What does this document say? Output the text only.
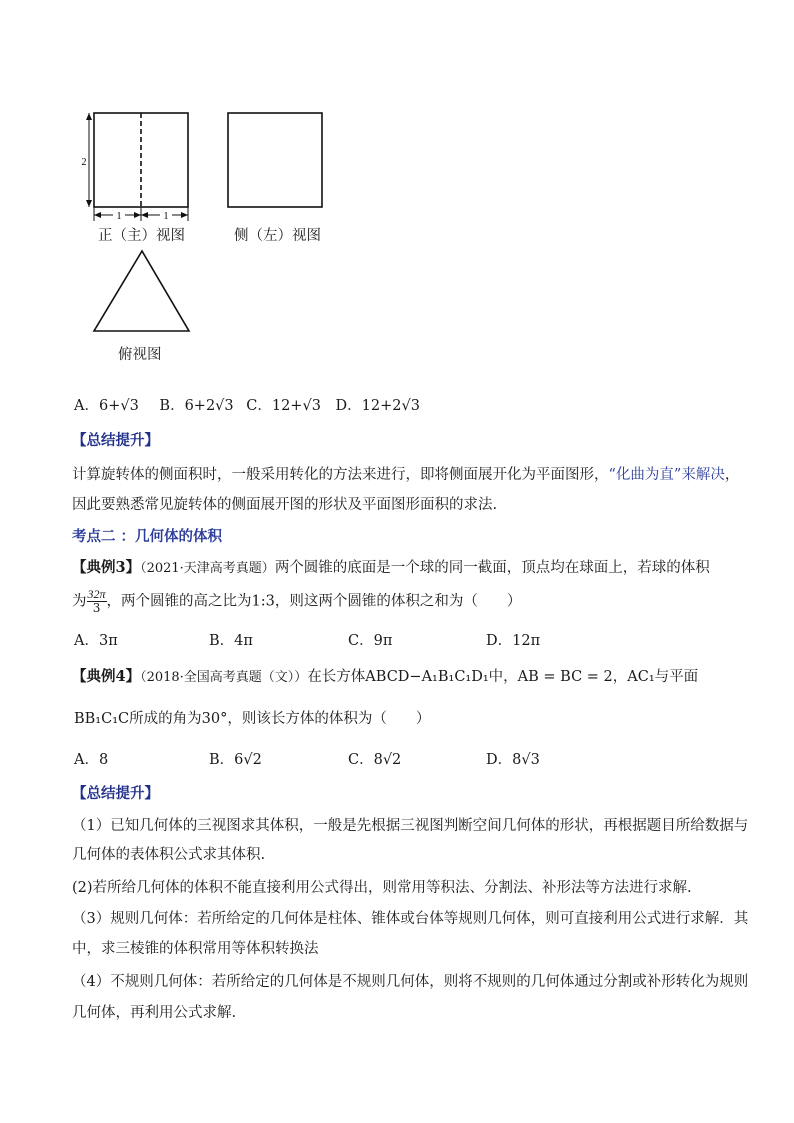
2
1	1
正（主）视图	侧（左）视图
俯视图
A．6+√3 B．6+2√3 C．12+√3 D．12+2√3
【总结提升】
计算旋转体的侧面积时，一般采用转化的方法来进行，即将侧面展开化为平面图形，“化曲为直”来解决，
因此要熟悉常见旋转体的侧面展开图的形状及平面图形面积的求法.
考点二 ：几何体的体积
【典例3】（2021·天津高考真题）两个圆锥的底面是一个球的同一截面，顶点均在球面上，若球的体积
为 $\frac{32\pi}{3}$ ，两个圆锥的高之比为1:3，则这两个圆锥的体积之和为（　　）
A．3π	B．4π	C．9π	D．12π
【典例4】（2018·全国高考真题（文））在长方体ABCD−A₁B₁C₁D₁中，AB = BC = 2，AC₁与平面
BB₁C₁C所成的角为30°，则该长方体的体积为（　　）
A．8	B．6√2	C．8√2	D．8√3
【总结提升】
（1）已知几何体的三视图求其体积，一般是先根据三视图判断空间几何体的形状，再根据题目所给数据与
几何体的表体积公式求其体积.
(2)若所给几何体的体积不能直接利用公式得出，则常用等积法、分割法、补形法等方法进行求解.
（3）规则几何体：若所给定的几何体是柱体、锥体或台体等规则几何体，则可直接利用公式进行求解．其
中，求三棱锥的体积常用等体积转换法
（4）不规则几何体：若所给定的几何体是不规则几何体，则将不规则的几何体通过分割或补形转化为规则
几何体，再利用公式求解.
